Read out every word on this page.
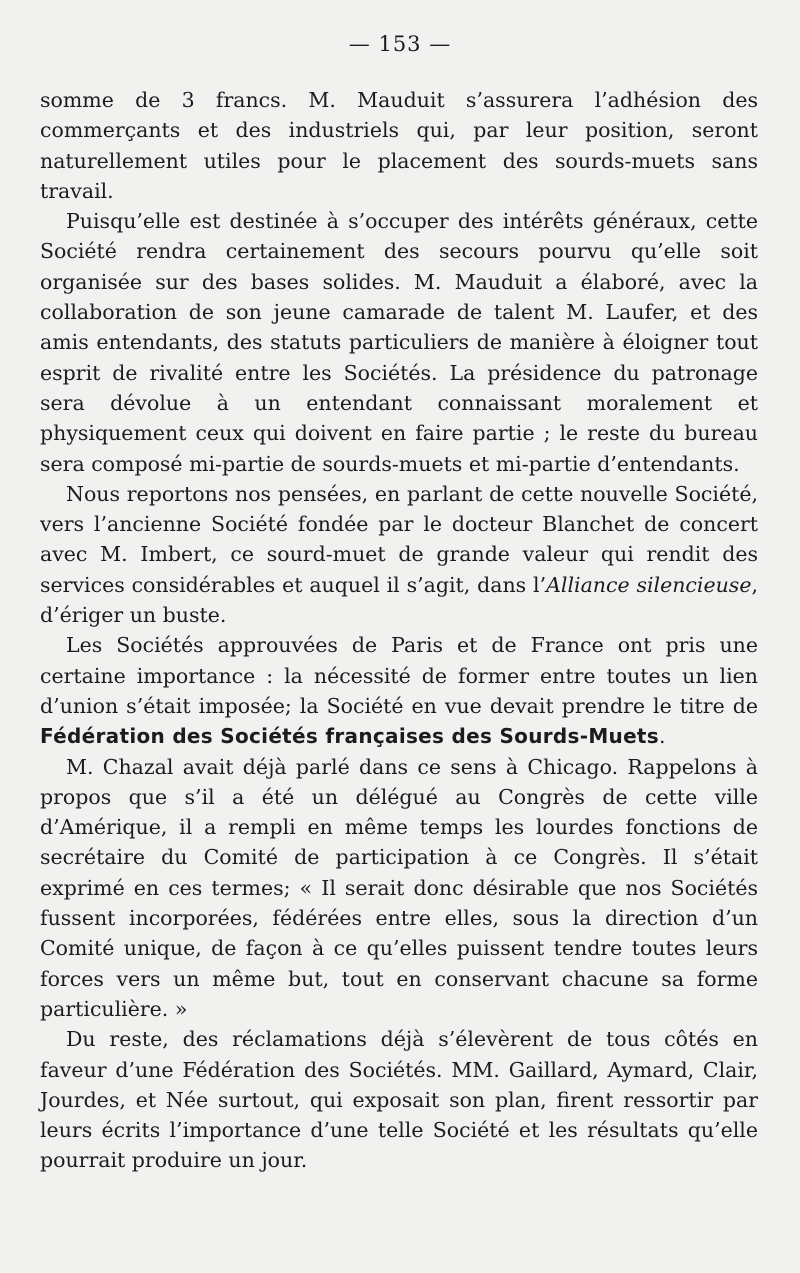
— 153 —

somme de 3 francs. M. Mauduit s’assurera l’adhésion des commerçants et des industriels qui, par leur position, seront naturellement utiles pour le placement des sourds-muets sans travail.

Puisqu’elle est destinée à s’occuper des intérêts généraux, cette Société rendra certainement des secours pourvu qu’elle soit organisée sur des bases solides. M. Mauduit a élaboré, avec la collaboration de son jeune camarade de talent M. Laufer, et des amis entendants, des statuts particuliers de manière à éloigner tout esprit de rivalité entre les Sociétés. La présidence du patronage sera dévolue à un entendant connaissant moralement et physiquement ceux qui doivent en faire partie ; le reste du bureau sera composé mi-partie de sourds-muets et mi-partie d’entendants.

Nous reportons nos pensées, en parlant de cette nouvelle Société, vers l’ancienne Société fondée par le docteur Blanchet de concert avec M. Imbert, ce sourd-muet de grande valeur qui rendit des services considérables et auquel il s’agit, dans l’Alliance silencieuse, d’ériger un buste.

Les Sociétés approuvées de Paris et de France ont pris une certaine importance : la nécessité de former entre toutes un lien d’union s’était imposée; la Société en vue devait prendre le titre de Fédération des Sociétés françaises des Sourds-Muets.

M. Chazal avait déjà parlé dans ce sens à Chicago. Rappelons à propos que s’il a été un délégué au Congrès de cette ville d’Amérique, il a rempli en même temps les lourdes fonctions de secrétaire du Comité de participation à ce Congrès. Il s’était exprimé en ces termes; « Il serait donc désirable que nos Sociétés fussent incorporées, fédérées entre elles, sous la direction d’un Comité unique, de façon à ce qu’elles puissent tendre toutes leurs forces vers un même but, tout en conservant chacune sa forme particulière. »

Du reste, des réclamations déjà s’élevèrent de tous côtés en faveur d’une Fédération des Sociétés. MM. Gaillard, Aymard, Clair, Jourdes, et Née surtout, qui exposait son plan, firent ressortir par leurs écrits l’importance d’une telle Société et les résultats qu’elle pourrait produire un jour.
